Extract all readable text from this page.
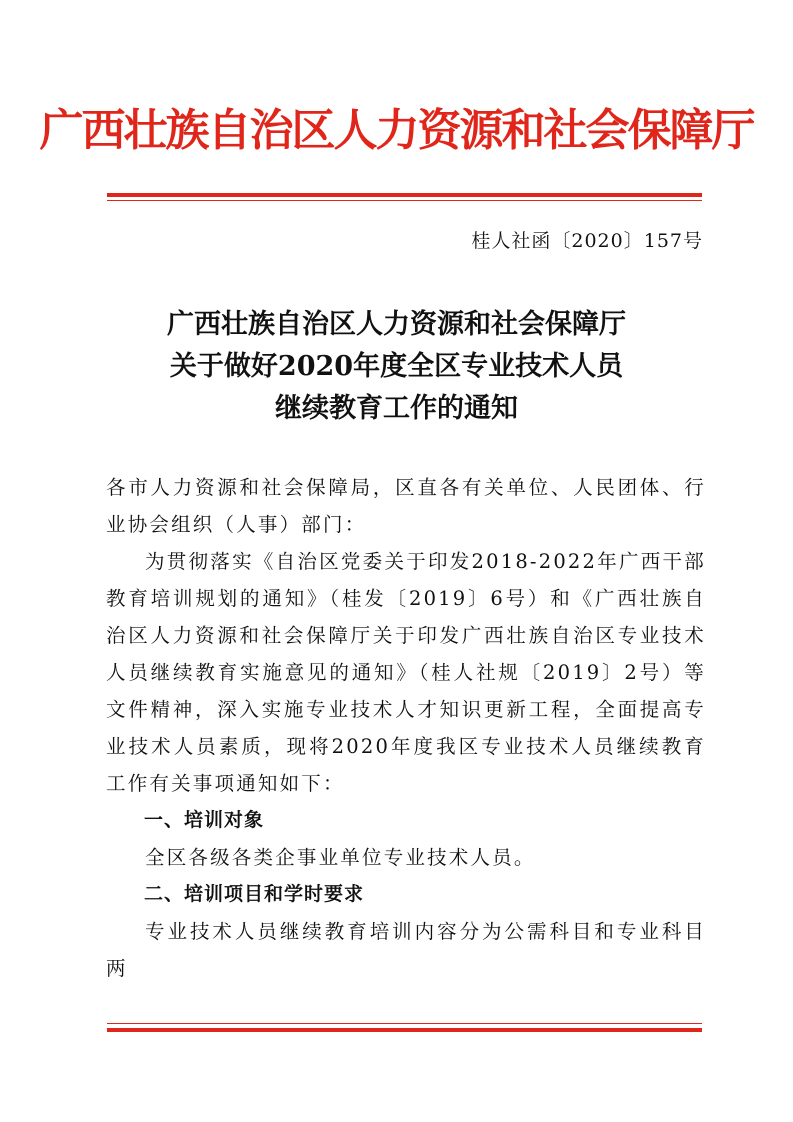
广西壮族自治区人力资源和社会保障厅
桂人社函〔2020〕157号
广西壮族自治区人力资源和社会保障厅
关于做好2020年度全区专业技术人员
继续教育工作的通知

各市人力资源和社会保障局，区直各有关单位、人民团体、行业协会组织（人事）部门：

为贯彻落实《自治区党委关于印发2018-2022年广西干部教育培训规划的通知》（桂发〔2019〕6号）和《广西壮族自治区人力资源和社会保障厅关于印发广西壮族自治区专业技术人员继续教育实施意见的通知》（桂人社规〔2019〕2号）等文件精神，深入实施专业技术人才知识更新工程，全面提高专业技术人员素质，现将2020年度我区专业技术人员继续教育工作有关事项通知如下：

一、培训对象

全区各级各类企事业单位专业技术人员。

二、培训项目和学时要求

专业技术人员继续教育培训内容分为公需科目和专业科目两
